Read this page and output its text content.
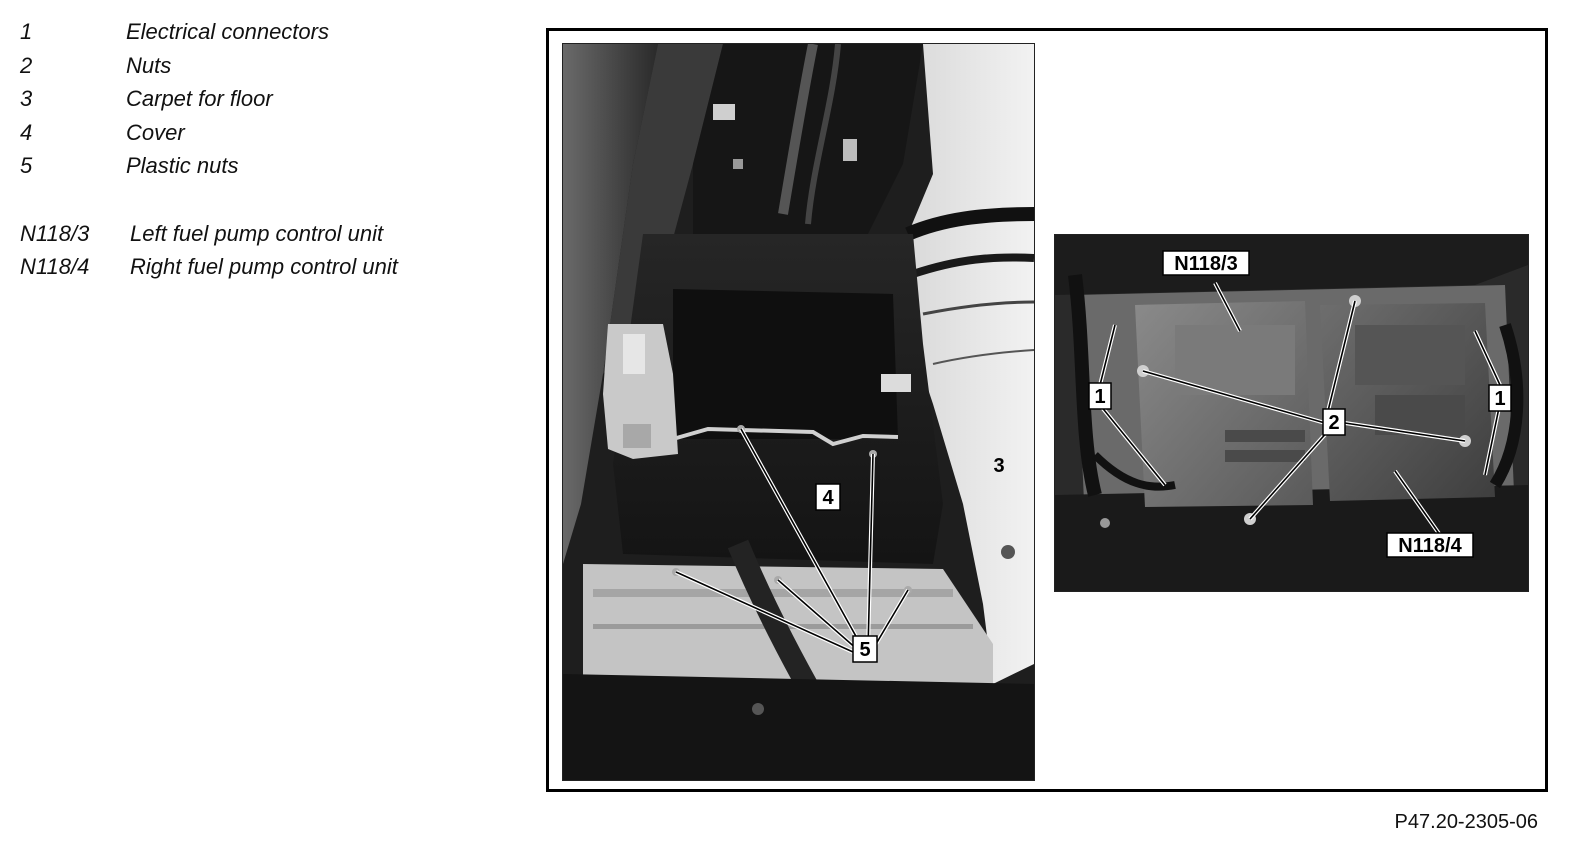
1	Electrical connectors
2	Nuts
3	Carpet for floor
4	Cover
5	Plastic nuts
N118/3 Left fuel pump control unit
N118/4 Right fuel pump control unit
4
3
5
N118/3
N118/4
2
1	1
P47.20-2305-06
